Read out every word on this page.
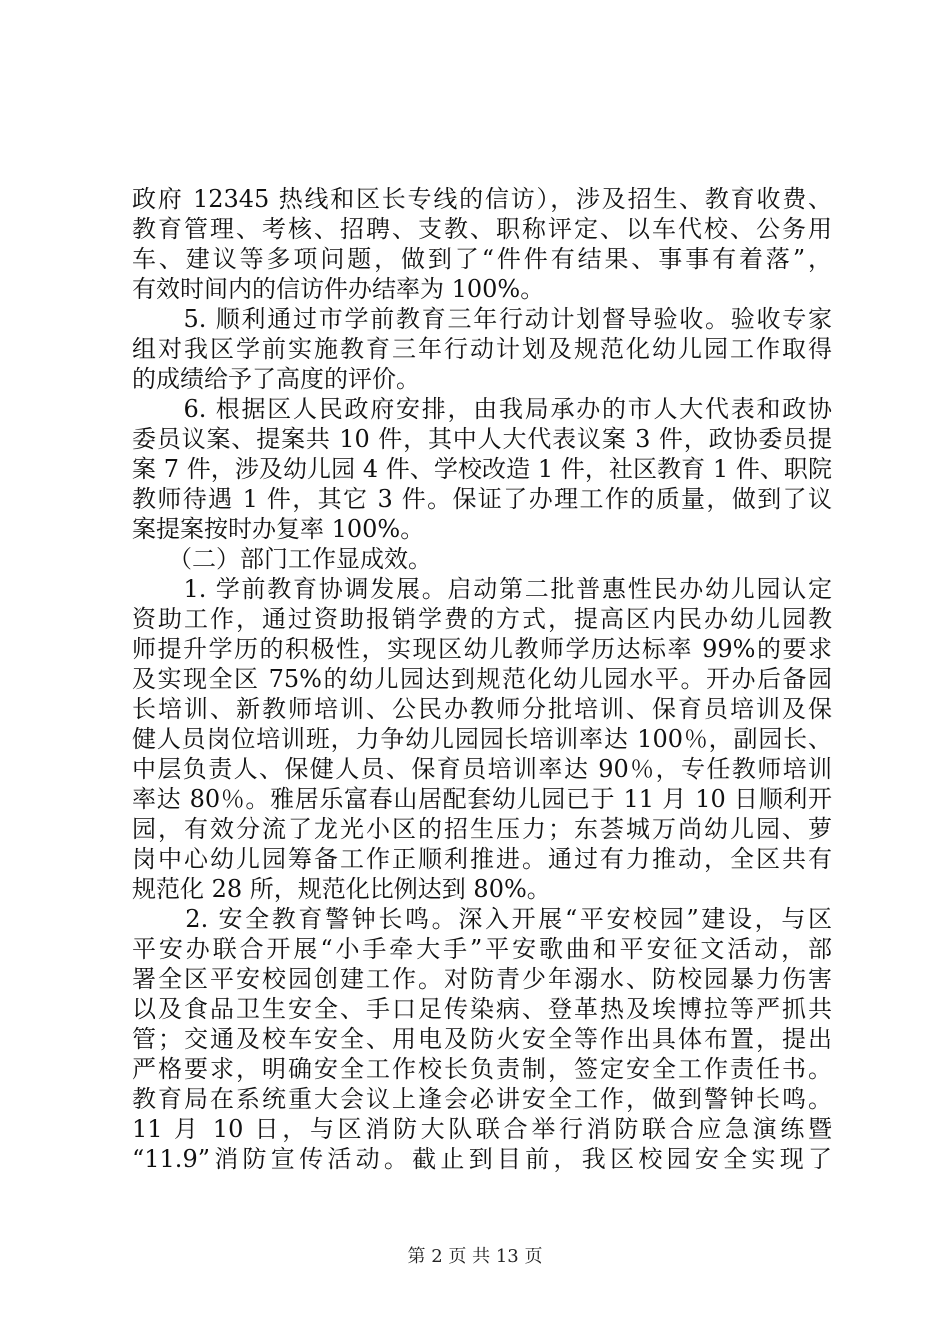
政府 12345 热线和区长专线的信访），涉及招生、教育收费、
教育管理、考核、招聘、支教、职称评定、以车代校、公务用
车、建议等多项问题，做到了“件件有结果、事事有着落”，
有效时间内的信访件办结率为 100%。
　　5. 顺利通过市学前教育三年行动计划督导验收。验收专家
组对我区学前实施教育三年行动计划及规范化幼儿园工作取得
的成绩给予了高度的评价。
　　6. 根据区人民政府安排，由我局承办的市人大代表和政协
委员议案、提案共 10 件，其中人大代表议案 3 件，政协委员提
案 7 件，涉及幼儿园 4 件、学校改造 1 件，社区教育 1 件、职院
教师待遇 1 件，其它 3 件。保证了办理工作的质量，做到了议
案提案按时办复率 100%。
　　（二）部门工作显成效。
　　1. 学前教育协调发展。启动第二批普惠性民办幼儿园认定
资助工作，通过资助报销学费的方式，提高区内民办幼儿园教
师提升学历的积极性，实现区幼儿教师学历达标率 99%的要求
及实现全区 75%的幼儿园达到规范化幼儿园水平。开办后备园
长培训、新教师培训、公民办教师分批培训、保育员培训及保
健人员岗位培训班，力争幼儿园园长培训率达 100％，副园长、
中层负责人、保健人员、保育员培训率达 90％，专任教师培训
率达 80％。雅居乐富春山居配套幼儿园已于 11 月 10 日顺利开
园，有效分流了龙光小区的招生压力；东荟城万尚幼儿园、萝
岗中心幼儿园筹备工作正顺利推进。通过有力推动，全区共有
规范化 28 所，规范化比例达到 80%。
　　2. 安全教育警钟长鸣。深入开展“平安校园”建设，与区
平安办联合开展“小手牵大手”平安歌曲和平安征文活动，部
署全区平安校园创建工作。对防青少年溺水、防校园暴力伤害
以及食品卫生安全、手口足传染病、登革热及埃博拉等严抓共
管；交通及校车安全、用电及防火安全等作出具体布置，提出
严格要求，明确安全工作校长负责制，签定安全工作责任书。
教育局在系统重大会议上逢会必讲安全工作，做到警钟长鸣。
11 月 10 日，与区消防大队联合举行消防联合应急演练暨
“11.9”消防宣传活动。截止到目前，我区校园安全实现了
第 2 页 共 13 页
